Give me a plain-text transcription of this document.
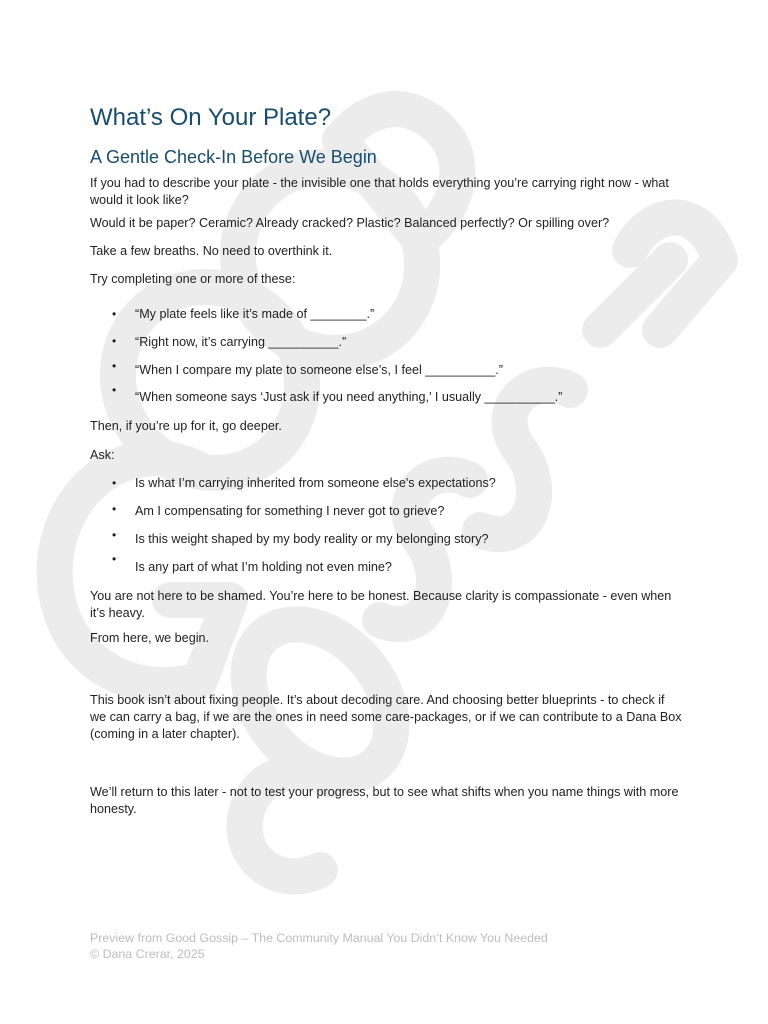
What’s On Your Plate?
A Gentle Check-In Before We Begin

If you had to describe your plate - the invisible one that holds everything you’re carrying right now - what would it look like?

Would it be paper? Ceramic? Already cracked? Plastic? Balanced perfectly? Or spilling over?

Take a few breaths. No need to overthink it.

Try completing one or more of these:

• “My plate feels like it’s made of ________.”
• “Right now, it’s carrying __________.”
• “When I compare my plate to someone else’s, I feel __________.”
• “When someone says ‘Just ask if you need anything,’ I usually __________.”

Then, if you’re up for it, go deeper.

Ask:

• Is what I’m carrying inherited from someone else's expectations?
• Am I compensating for something I never got to grieve?
• Is this weight shaped by my body reality or my belonging story?
•
Is any part of what I’m holding not even mine?

You are not here to be shamed. You’re here to be honest. Because clarity is compassionate - even when it’s heavy.

From here, we begin.

This book isn’t about fixing people. It’s about decoding care. And choosing better blueprints - to check if we can carry a bag, if we are the ones in need some care-packages, or if we can contribute to a Dana Box (coming in a later chapter).

We’ll return to this later - not to test your progress, but to see what shifts when you name things with more honesty.

Preview from Good Gossip – The Community Manual You Didn’t Know You Needed
© Dana Crerar, 2025
